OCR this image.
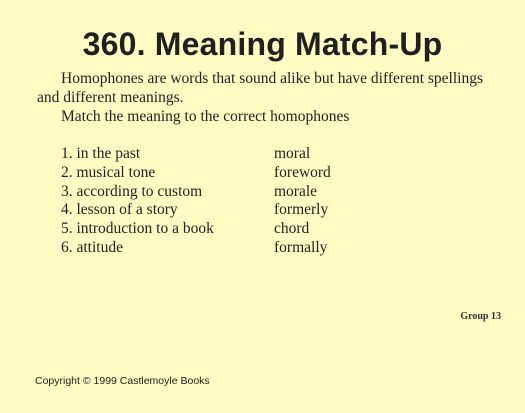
360. Meaning Match-Up
Homophones are words that sound alike but have different spellings and different meanings.
Match the meaning to the correct homophones
1. in the past	moral
2. musical tone	foreword
3. according to custom	morale
4. lesson of a story	formerly
5. introduction to a book	chord
6. attitude	formally
Group 13
Copyright © 1999 Castlemoyle Books
